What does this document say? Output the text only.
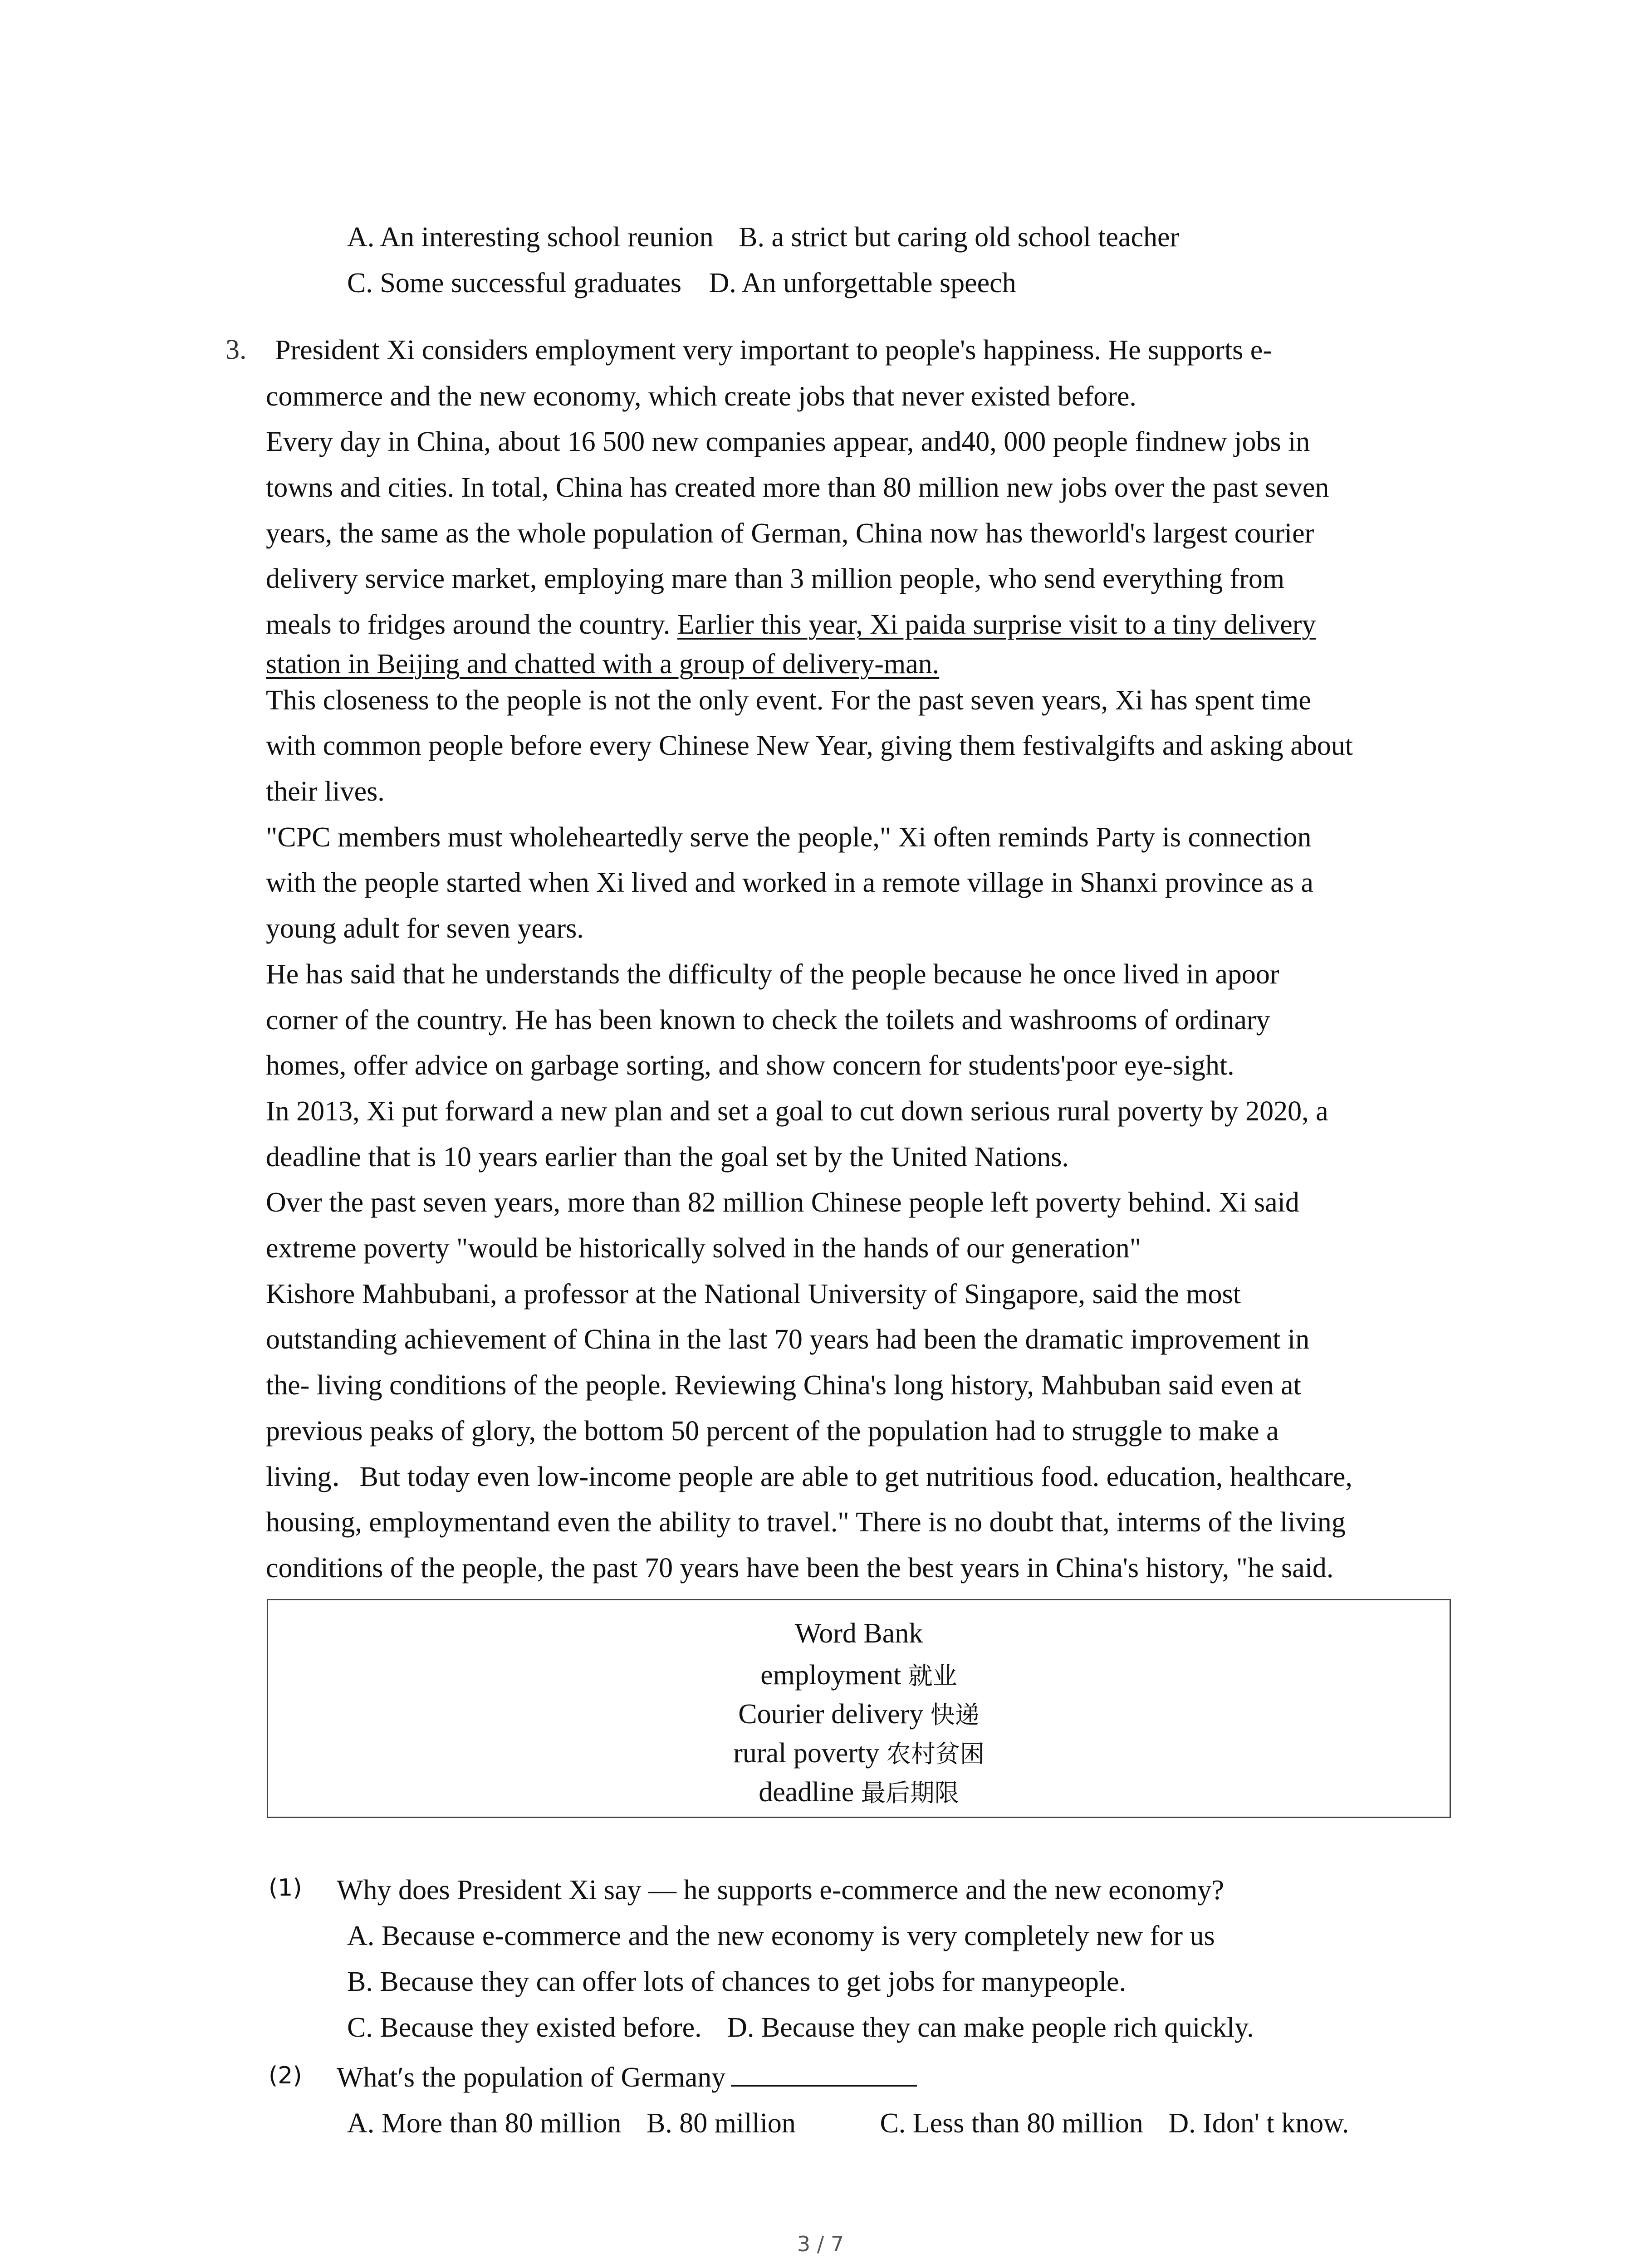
A. An interesting school reunion B. a strict but caring old school teacher
C. Some successful graduates D. An unforgettable speech
3. President Xi considers employment very important to people's happiness. He supports e-
commerce and the new economy, which create jobs that never existed before.
Every day in China, about 16 500 new companies appear, and40, 000 people findnew jobs in
towns and cities. In total, China has created more than 80 million new jobs over the past seven
years, the same as the whole population of German, China now has theworld's largest courier
delivery service market, employing mare than 3 million people, who send everything from
meals to fridges around the country. Earlier this year, Xi paida surprise visit to a tiny delivery
station in Beijing and chatted with a group of delivery-man.
This closeness to the people is not the only event. For the past seven years, Xi has spent time
with common people before every Chinese New Year, giving them festivalgifts and asking about
their lives.
"CPC members must wholeheartedly serve the people," Xi often reminds Party is connection
with the people started when Xi lived and worked in a remote village in Shanxi province as a
young adult for seven years.
He has said that he understands the difficulty of the people because he once lived in apoor
corner of the country. He has been known to check the toilets and washrooms of ordinary
homes, offer advice on garbage sorting, and show concern for students'poor eye-sight.
In 2013, Xi put forward a new plan and set a goal to cut down serious rural poverty by 2020, a
deadline that is 10 years earlier than the goal set by the United Nations.
Over the past seven years, more than 82 million Chinese people left poverty behind. Xi said
extreme poverty "would be historically solved in the hands of our generation"
Kishore Mahbubani, a professor at the National University of Singapore, said the most
outstanding achievement of China in the last 70 years had been the dramatic improvement in
the- living conditions of the people. Reviewing China's long history, Mahbuban said even at
previous peaks of glory, the bottom 50 percent of the population had to struggle to make a
living．But today even low-income people are able to get nutritious food. education, healthcare,
housing, employmentand even the ability to travel." There is no doubt that, interms of the living
conditions of the people, the past 70 years have been the best years in China's history, "he said.
Word Bank
employment 就业
Courier delivery 快递
rural poverty 农村贫困
deadline 最后期限
(1) Why does President Xi say — he supports e-commerce and the new economy?
A. Because e-commerce and the new economy is very completely new for us
B. Because they can offer lots of chances to get jobs for manypeople.
C. Because they existed before. D. Because they can make people rich quickly.
(2) What′s the population of Germany
A. More than 80 million B. 80 million	C. Less than 80 million D. Idon' t know.
3 / 7
